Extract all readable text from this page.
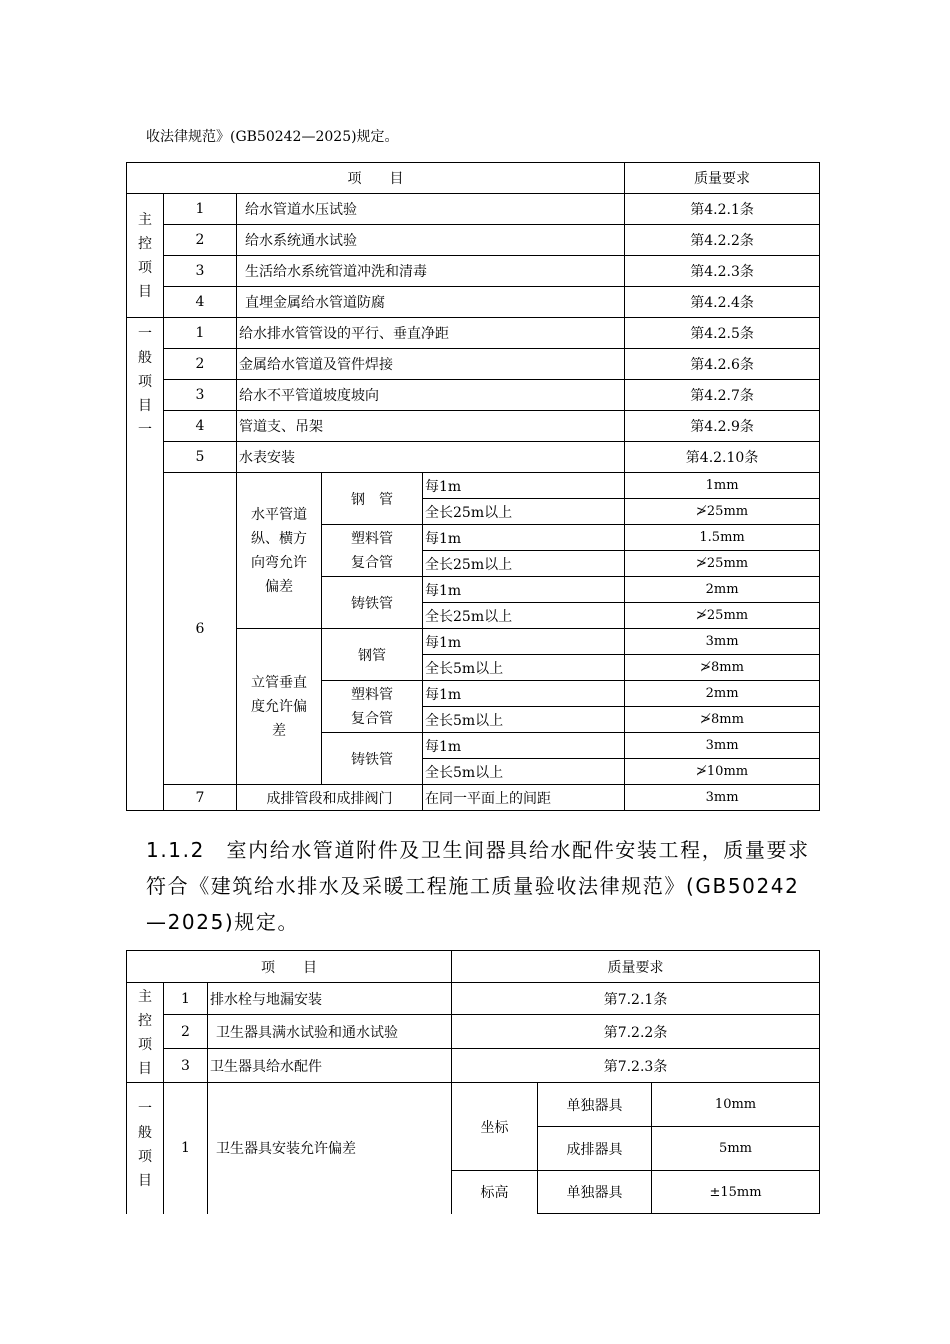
收法律规范》(GB50242—2025)规定。
项　　目					质量要求
主
控
项
目	1	给水管道水压试验			第4.2.1条
	2	给水系统通水试验			第4.2.2条
	3	生活给水系统管道冲洗和清毒			第4.2.3条
	4	直埋金属给水管道防腐			第4.2.4条
一
般
项
目
一	1	给水排水管管设的平行、垂直净距			第4.2.5条
	2	金属给水管道及管件焊接			第4.2.6条
	3	给水不平管道坡度坡向			第4.2.7条
	4	管道支、吊架			第4.2.9条
	5	水表安装			第4.2.10条
	6	水平管道
纵、横方
向弯允许
偏差	钢　管	每1m	1mm
				全长25m以上	≯25mm
			塑料管
复合管	每1m	1.5mm
				全长25m以上	≯25mm
			铸铁管	每1m	2mm
				全长25m以上	≯25mm
		立管垂直
度允许偏
差	钢管	每1m	3mm
				全长5m以上	≯8mm
			塑料管
复合管	每1m	2mm
				全长5m以上	≯8mm
			铸铁管	每1m	3mm
				全长5m以上	≯10mm
	7	成排管段和成排阀门		在同一平面上的间距	3mm
1.1.2　室内给水管道附件及卫生间器具给水配件安装工程，质量要求符合《建筑给水排水及采暖工程施工质量验收法律规范》(GB50242—2025)规定。
项　　目			质量要求		
主
控
项
目	1	排水栓与地漏安装	第7.2.1条		
	2	卫生器具满水试验和通水试验	第7.2.2条		
	3	卫生器具给水配件	第7.2.3条		
一
般
项
目	1	卫生器具安装允许偏差	坐标	单独器具	10mm
				成排器具	5mm
			标高	单独器具	±15mm
